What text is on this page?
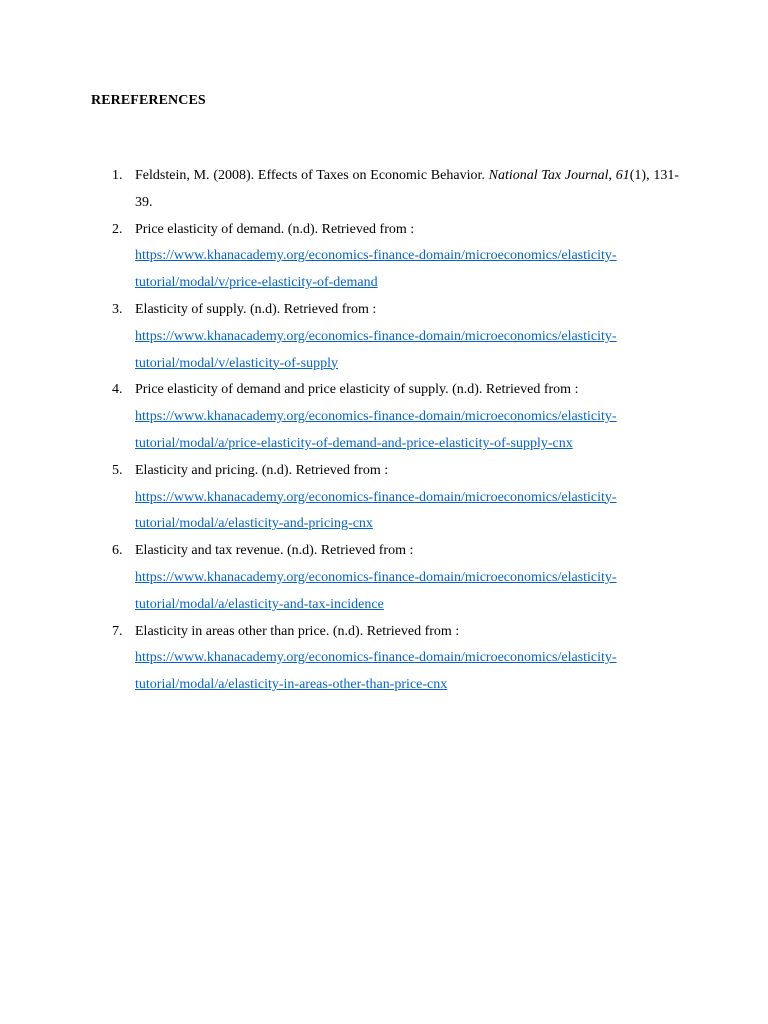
REREFERENCES
1. Feldstein, M. (2008). Effects of Taxes on Economic Behavior. National Tax Journal, 61(1), 131-39.
2. Price elasticity of demand. (n.d). Retrieved from :
https://www.khanacademy.org/economics-finance-domain/microeconomics/elasticity-
tutorial/modal/v/price-elasticity-of-demand
3. Elasticity of supply. (n.d). Retrieved from :
https://www.khanacademy.org/economics-finance-domain/microeconomics/elasticity-
tutorial/modal/v/elasticity-of-supply
4. Price elasticity of demand and price elasticity of supply. (n.d). Retrieved from :
https://www.khanacademy.org/economics-finance-domain/microeconomics/elasticity-
tutorial/modal/a/price-elasticity-of-demand-and-price-elasticity-of-supply-cnx
5. Elasticity and pricing. (n.d). Retrieved from :
https://www.khanacademy.org/economics-finance-domain/microeconomics/elasticity-
tutorial/modal/a/elasticity-and-pricing-cnx
6. Elasticity and tax revenue. (n.d). Retrieved from :
https://www.khanacademy.org/economics-finance-domain/microeconomics/elasticity-
tutorial/modal/a/elasticity-and-tax-incidence
7. Elasticity in areas other than price. (n.d). Retrieved from :
https://www.khanacademy.org/economics-finance-domain/microeconomics/elasticity-
tutorial/modal/a/elasticity-in-areas-other-than-price-cnx
